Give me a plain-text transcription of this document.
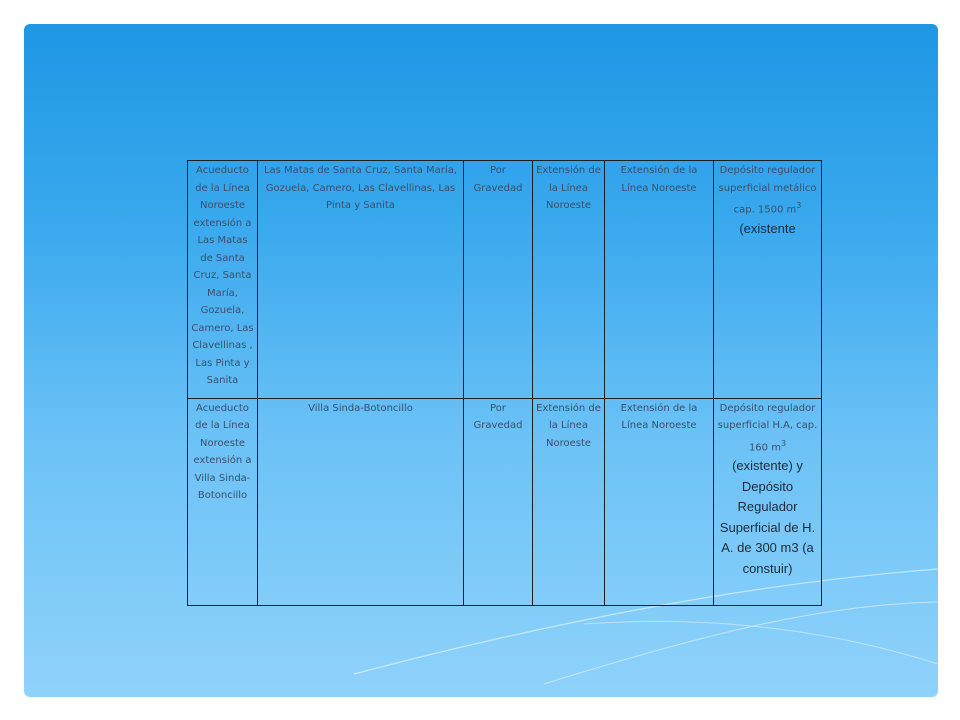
Acueducto de la Línea Noroeste extensión a Las Matas de Santa Cruz, Santa María, Gozuela, Camero, Las Clavellinas , Las Pinta y Sanita	Las Matas de Santa Cruz, Santa María, Gozuela, Camero, Las Clavellinas, Las Pinta y Sanita	Por Gravedad	Extensión de la Línea Noroeste	Extensión de la Línea Noroeste	Depósito regulador superficial metálico cap. 1500 $m^3$
(existente
Acueducto de la Línea Noroeste extensión a Villa Sinda-Botoncillo	Villa Sinda-Botoncillo	Por Gravedad	Extensión de la Línea Noroeste	Extensión de la Línea Noroeste	Depósito regulador superficial H.A, cap. 160 $m^3$
(existente) y Depósito Regulador Superficial de H. A. de 300 m3 (a constuir)
